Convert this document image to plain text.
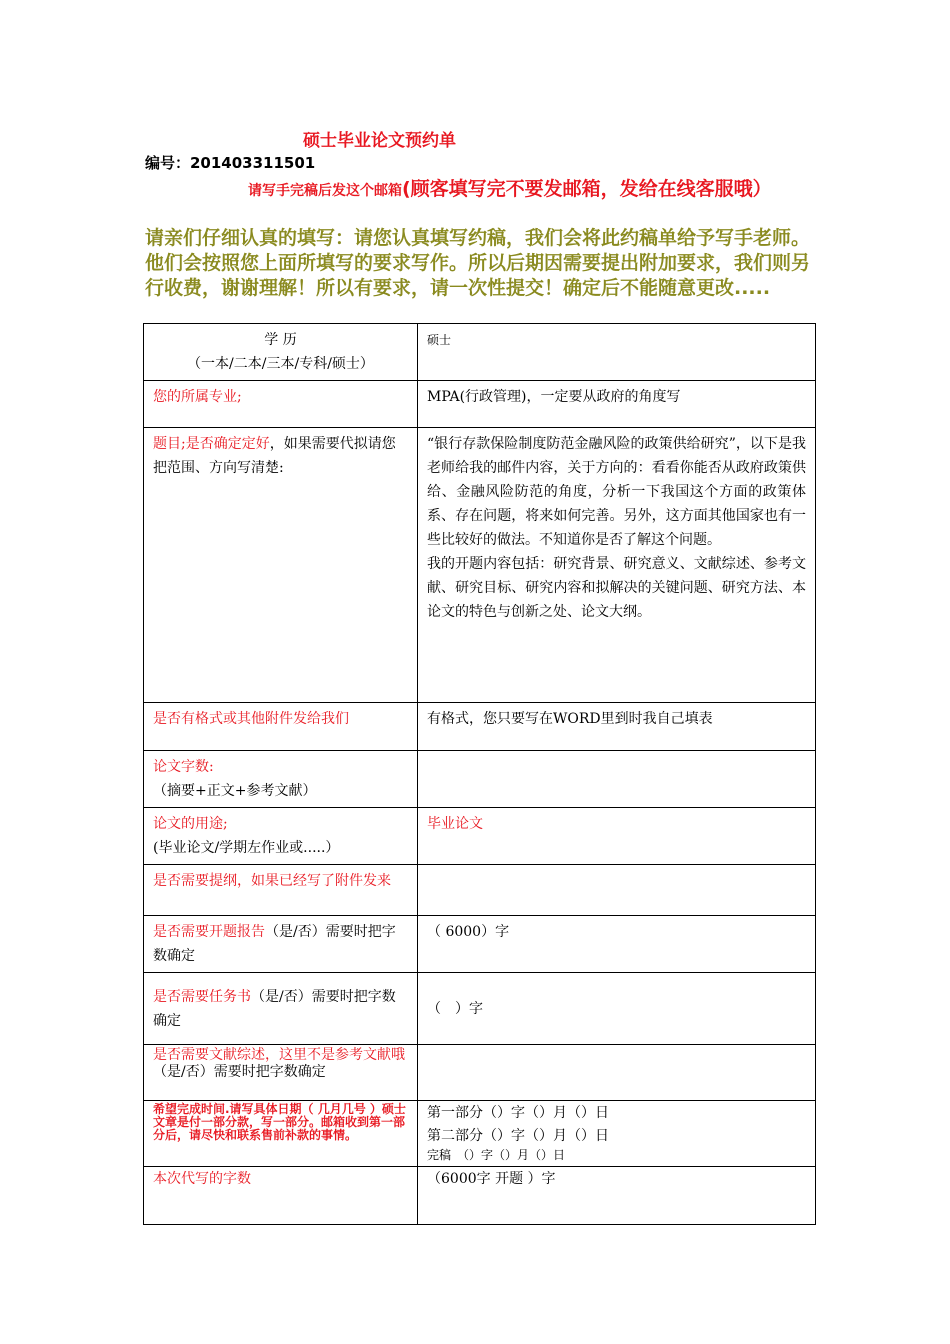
硕士毕业论文预约单
编号：201403311501
请写手完稿后发这个邮箱(顾客填写完不要发邮箱，发给在线客服哦）
请亲们仔细认真的填写：请您认真填写约稿，我们会将此约稿单给予写手老师。他们会按照您上面所填写的要求写作。所以后期因需要提出附加要求，我们则另行收费，谢谢理解！所以有要求，请一次性提交！确定后不能随意更改.....
学 历
（一本/二本/三本/专科/硕士）	硕士
您的所属专业;	MPA(行政管理)，一定要从政府的角度写
题目;是否确定定好，如果需要代拟请您把范围、方向写清楚:	“银行存款保险制度防范金融风险的政策供给研究”，以下是我老师给我的邮件内容，关于方向的：看看你能否从政府政策供给、金融风险防范的角度，分析一下我国这个方面的政策体系、存在问题，将来如何完善。另外，这方面其他国家也有一些比较好的做法。不知道你是否了解这个问题。
我的开题内容包括：研究背景、研究意义、文献综述、参考文献、研究目标、研究内容和拟解决的关键问题、研究方法、本论文的特色与创新之处、论文大纲。

是否有格式或其他附件发给我们	有格式，您只要写在WORD里到时我自己填表

论文字数:
（摘要+正文+参考文献）	

论文的用途;(毕业论文/学期左作业或.....）	毕业论文
是否需要提纲，如果已经写了附件发来	
是否需要开题报告（是/否）需要时把字数确定	（ 6000）字
是否需要任务书（是/否）需要时把字数确定	（　）字
是否需要文献综述，这里不是参考文献哦（是/否）需要时把字数确定	

希望完成时间.请写具体日期（ 几月几号 ）硕士文章是付一部分款，写一部分。邮箱收到第一部分后，请尽快和联系售前补款的事情。	第一部分（）字（）月（）日
第二部分（）字（）月（）日
完稿　（）字（）月（）日

本次代写的字数	（6000字 开题 ）字
